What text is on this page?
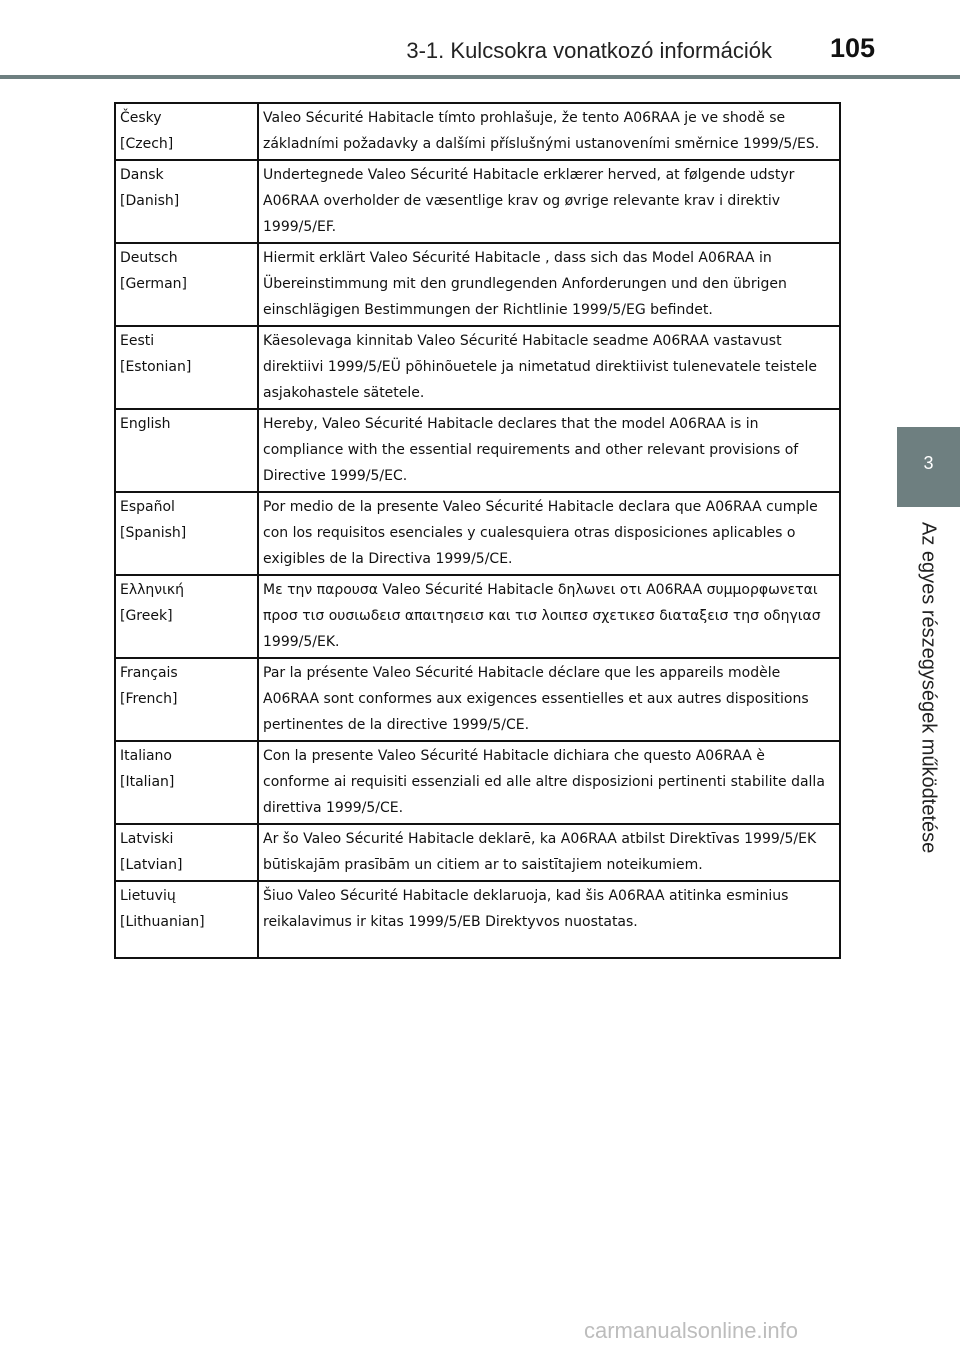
3-1. Kulcsokra vonatkozó információk 105
3
Az egyes részegységek működtetése
Česky
[Czech]	Valeo Sécurité Habitacle tímto prohlašuje, že tento A06RAA je ve shodě se základními požadavky a dalšími příslušnými ustanoveními směrnice 1999/5/ES.

Dansk
[Danish]	Undertegnede Valeo Sécurité Habitacle erklærer herved, at følgende udstyr A06RAA overholder de væsentlige krav og øvrige relevante krav i direktiv 1999/5/EF.

Deutsch
[German]	Hiermit erklärt Valeo Sécurité Habitacle , dass sich das Model A06RAA in Übereinstimmung mit den grundlegenden Anforderungen und den übrigen einschlägigen Bestimmungen der Richtlinie 1999/5/EG befindet.

Eesti
[Estonian]	Käesolevaga kinnitab Valeo Sécurité Habitacle seadme A06RAA vastavust direktiivi 1999/5/EÜ põhinõuetele ja nimetatud direktiivist tulenevatele teistele asjakohastele sätetele.

English	Hereby, Valeo Sécurité Habitacle declares that the model A06RAA is in compliance with the essential requirements and other relevant provisions of Directive 1999/5/EC.

Español
[Spanish]	Por medio de la presente Valeo Sécurité Habitacle declara que A06RAA cumple con los requisitos esenciales y cualesquiera otras disposiciones aplicables o exigibles de la Directiva 1999/5/CE.

Ελληνική
[Greek]	Με την παρουσα Valeo Sécurité Habitacle δηλωνει οτι A06RAA συμμορφωνεται προσ τισ ουσιωδεισ απαιτησεισ και τισ λοιπεσ σχετικεσ διαταξεισ τησ οδηγιασ 1999/5/ΕΚ.

Français
[French]	Par la présente Valeo Sécurité Habitacle déclare que les appareils modèle A06RAA sont conformes aux exigences essentielles et aux autres dispositions pertinentes de la directive 1999/5/CE.

Italiano
[Italian]	Con la presente Valeo Sécurité Habitacle dichiara che questo A06RAA è conforme ai requisiti essenziali ed alle altre disposizioni pertinenti stabilite dalla direttiva 1999/5/CE.

Latviski
[Latvian]	Ar šo Valeo Sécurité Habitacle deklarē, ka A06RAA atbilst Direktīvas 1999/5/EK būtiskajām prasībām un citiem ar to saistītajiem noteikumiem.

Lietuvių
[Lithuanian]	Šiuo Valeo Sécurité Habitacle deklaruoja, kad šis A06RAA atitinka esminius reikalavimus ir kitas 1999/5/EB Direktyvos nuostatas.
carmanualsonline.info
